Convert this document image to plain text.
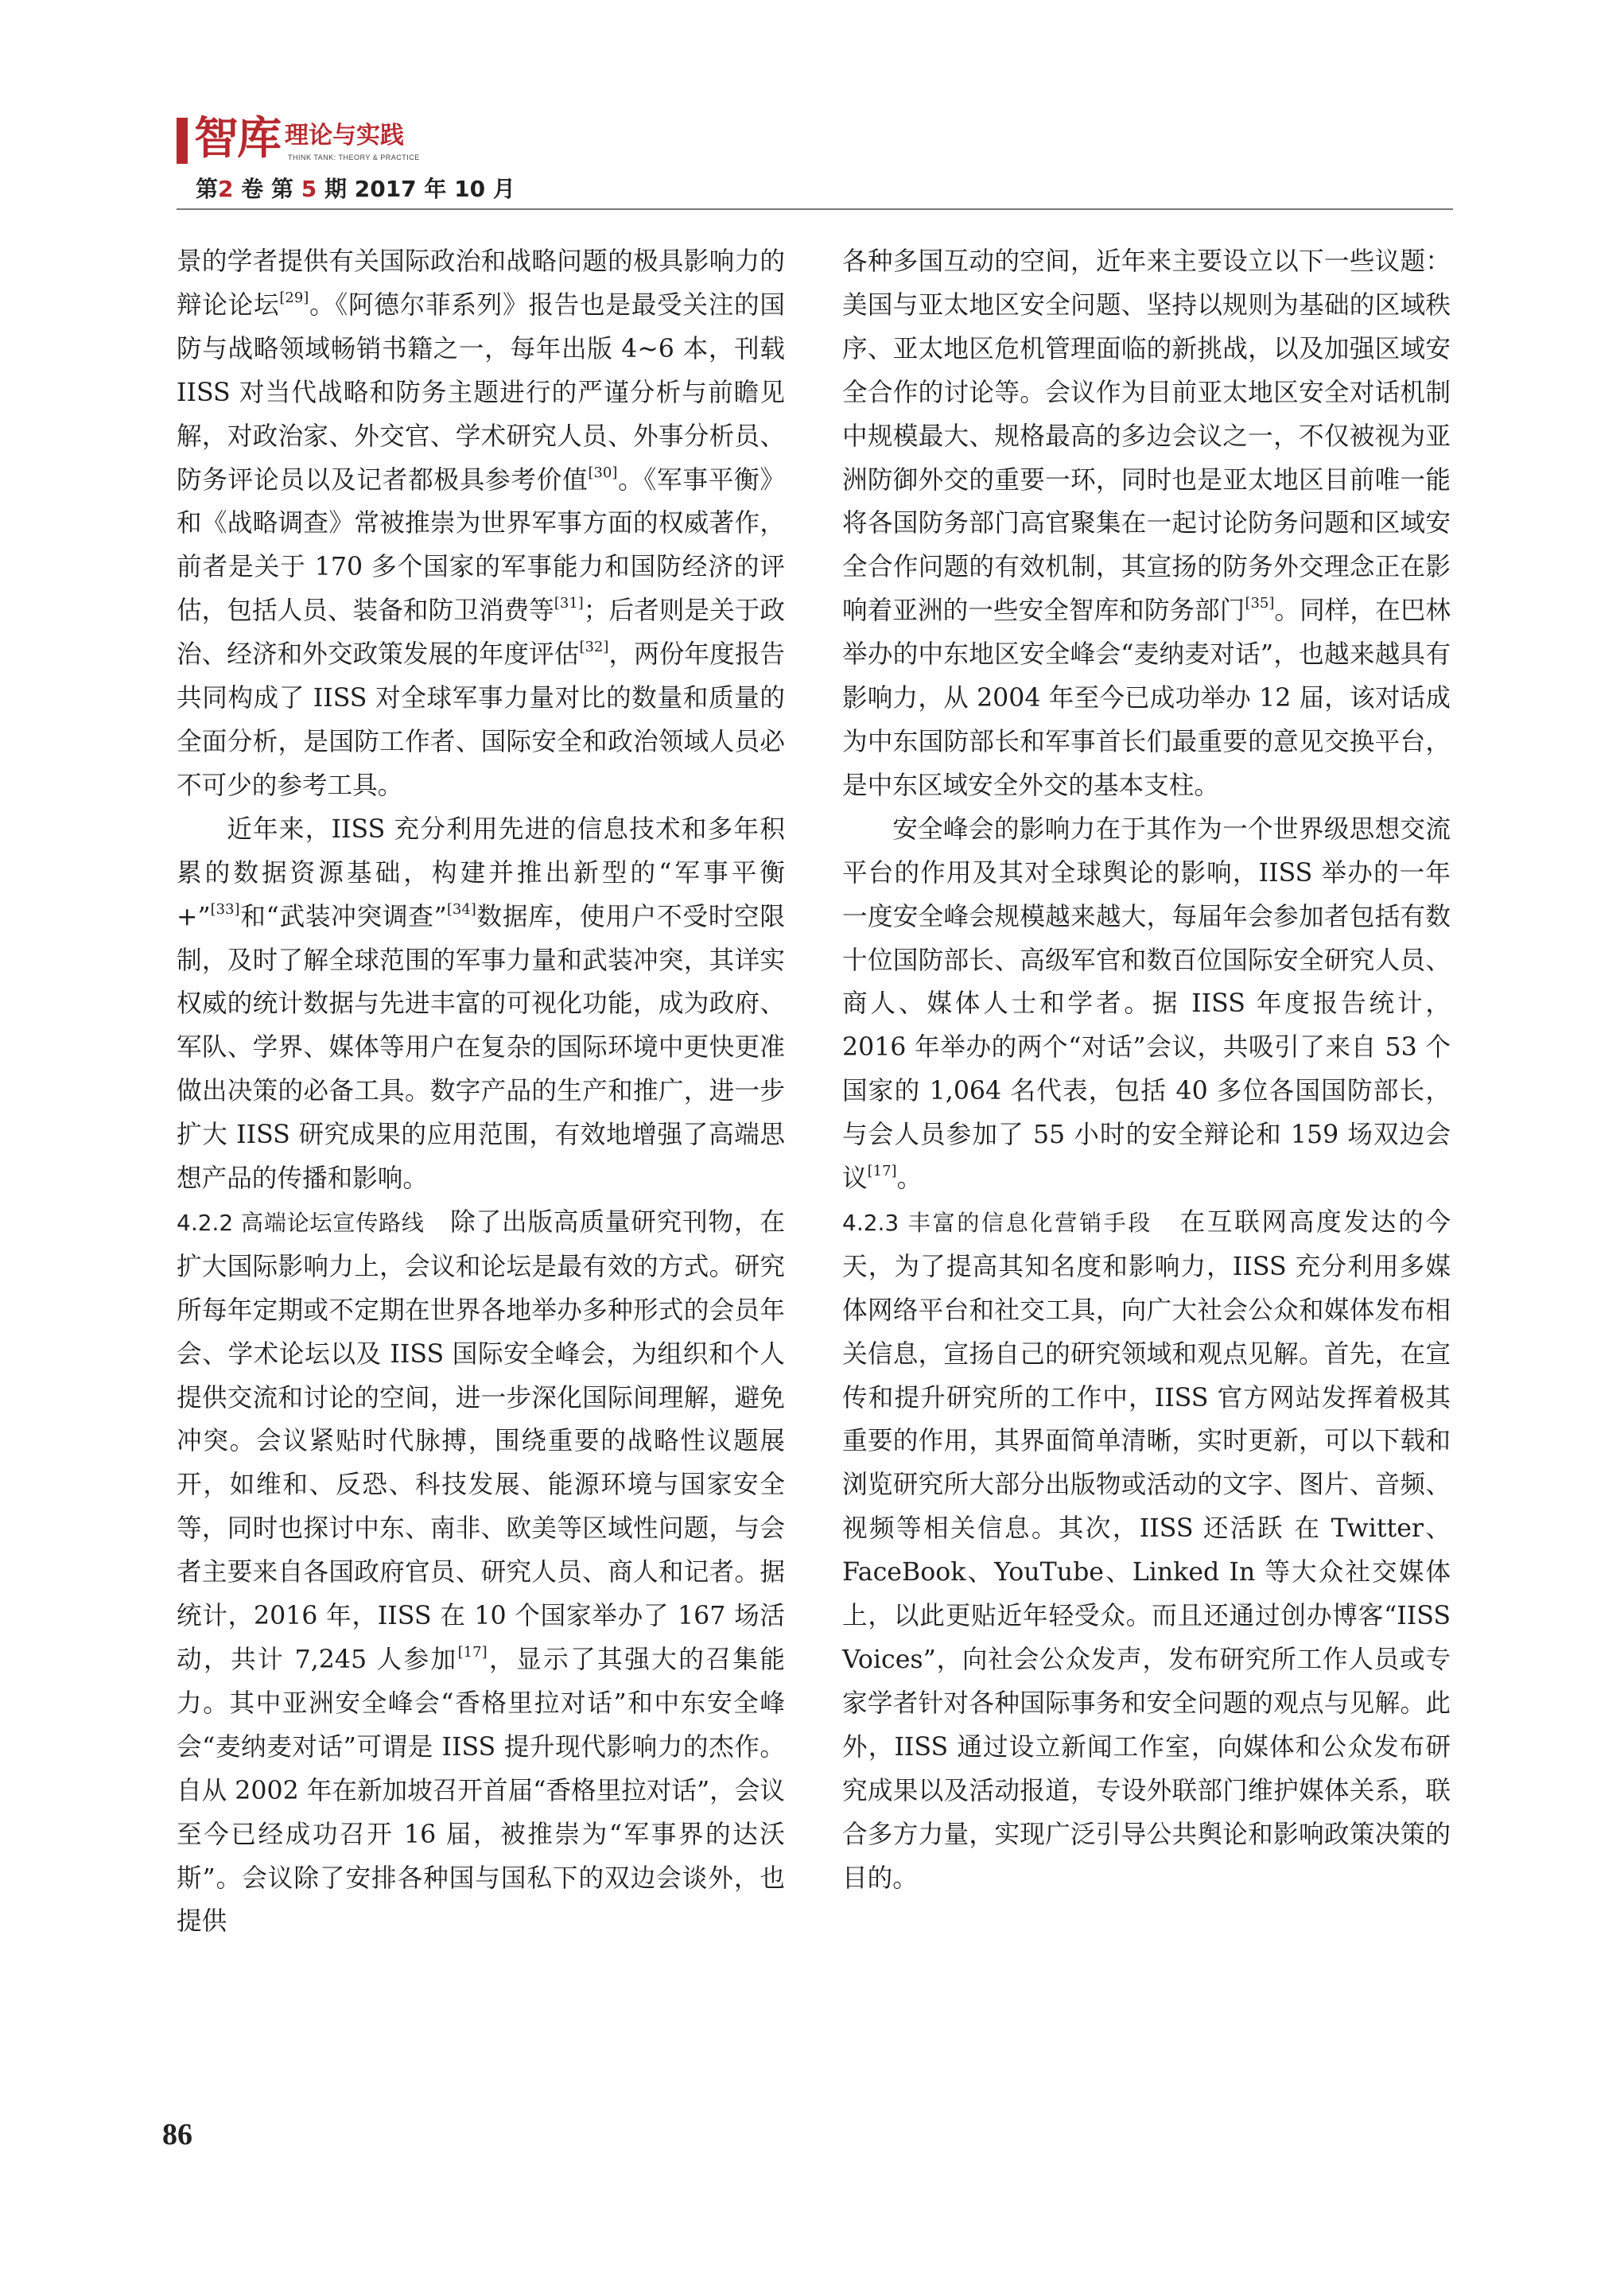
智库 理论与实践
THINK TANK: THEORY & PRACTICE
第2 卷 第 5 期 2017 年 10 月

景的学者提供有关国际政治和战略问题的极具影响力的辩论论坛[29]。《阿德尔菲系列》报告也是最受关注的国防与战略领域畅销书籍之一，每年出版 4~6 本，刊载 IISS 对当代战略和防务主题进行的严谨分析与前瞻见解，对政治家、外交官、学术研究人员、外事分析员、防务评论员以及记者都极具参考价值[30]。《军事平衡》和《战略调查》常被推崇为世界军事方面的权威著作，前者是关于 170 多个国家的军事能力和国防经济的评估，包括人员、装备和防卫消费等[31]；后者则是关于政治、经济和外交政策发展的年度评估[32]，两份年度报告共同构成了 IISS 对全球军事力量对比的数量和质量的全面分析，是国防工作者、国际安全和政治领域人员必不可少的参考工具。

近年来，IISS 充分利用先进的信息技术和多年积累的数据资源基础，构建并推出新型的“军事平衡 +”[33]和“武装冲突调查”[34]数据库，使用户不受时空限制，及时了解全球范围的军事力量和武装冲突，其详实权威的统计数据与先进丰富的可视化功能，成为政府、军队、学界、媒体等用户在复杂的国际环境中更快更准做出决策的必备工具。数字产品的生产和推广，进一步扩大 IISS 研究成果的应用范围，有效地增强了高端思想产品的传播和影响。

4.2.2 高端论坛宣传路线  除了出版高质量研究刊物，在扩大国际影响力上，会议和论坛是最有效的方式。研究所每年定期或不定期在世界各地举办多种形式的会员年会、学术论坛以及 IISS 国际安全峰会，为组织和个人提供交流和讨论的空间，进一步深化国际间理解，避免冲突。会议紧贴时代脉搏，围绕重要的战略性议题展开，如维和、反恐、科技发展、能源环境与国家安全等，同时也探讨中东、南非、欧美等区域性问题，与会者主要来自各国政府官员、研究人员、商人和记者。据统计，2016 年，IISS 在 10 个国家举办了 167 场活动，共计 7,245 人参加[17]，显示了其强大的召集能力。其中亚洲安全峰会“香格里拉对话”和中东安全峰会“麦纳麦对话”可谓是 IISS 提升现代影响力的杰作。自从 2002 年在新加坡召开首届“香格里拉对话”，会议至今已经成功召开 16 届，被推崇为“军事界的达沃斯”。会议除了安排各种国与国私下的双边会谈外，也提供

各种多国互动的空间，近年来主要设立以下一些议题：美国与亚太地区安全问题、坚持以规则为基础的区域秩序、亚太地区危机管理面临的新挑战，以及加强区域安全合作的讨论等。会议作为目前亚太地区安全对话机制中规模最大、规格最高的多边会议之一，不仅被视为亚洲防御外交的重要一环，同时也是亚太地区目前唯一能将各国防务部门高官聚集在一起讨论防务问题和区域安全合作问题的有效机制，其宣扬的防务外交理念正在影响着亚洲的一些安全智库和防务部门[35]。同样，在巴林举办的中东地区安全峰会“麦纳麦对话”，也越来越具有影响力，从 2004 年至今已成功举办 12 届，该对话成为中东国防部长和军事首长们最重要的意见交换平台，是中东区域安全外交的基本支柱。

安全峰会的影响力在于其作为一个世界级思想交流平台的作用及其对全球舆论的影响，IISS 举办的一年一度安全峰会规模越来越大，每届年会参加者包括有数十位国防部长、高级军官和数百位国际安全研究人员、商人、媒体人士和学者。据 IISS 年度报告统计，2016 年举办的两个“对话”会议，共吸引了来自 53 个国家的 1,064 名代表，包括 40 多位各国国防部长，与会人员参加了 55 小时的安全辩论和 159 场双边会议[17]。

4.2.3 丰富的信息化营销手段  在互联网高度发达的今天，为了提高其知名度和影响力，IISS 充分利用多媒体网络平台和社交工具，向广大社会公众和媒体发布相关信息，宣扬自己的研究领域和观点见解。首先，在宣传和提升研究所的工作中，IISS 官方网站发挥着极其重要的作用，其界面简单清晰，实时更新，可以下载和浏览研究所大部分出版物或活动的文字、图片、音频、视频等相关信息。其次，IISS 还活跃 在 Twitter、FaceBook、YouTube、Linked In 等大众社交媒体上，以此更贴近年轻受众。而且还通过创办博客“IISS Voices”，向社会公众发声，发布研究所工作人员或专家学者针对各种国际事务和安全问题的观点与见解。此外，IISS 通过设立新闻工作室，向媒体和公众发布研究成果以及活动报道，专设外联部门维护媒体关系，联合多方力量，实现广泛引导公共舆论和影响政策决策的目的。

86
